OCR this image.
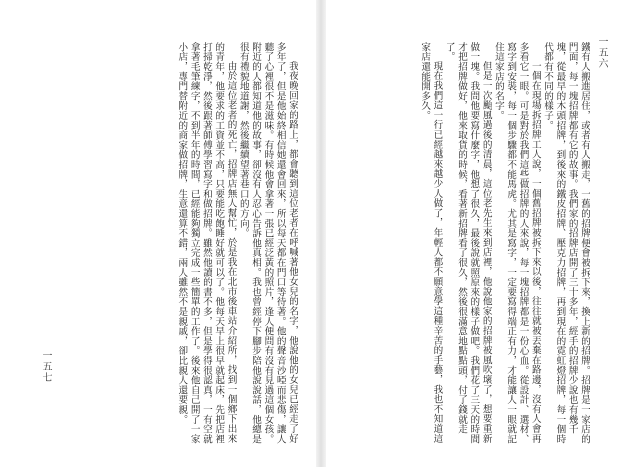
我夜晚回家的路上，都會聽到這位老者在呼喊著他女兒的名字，他說他的女兒已經走了好多年了，但是他始終相信她還會回來，所以每天都在門口等待著。他的聲音沙啞而悲傷，讓人聽了心裡很不是滋味。有時候他會拿著一張已經泛黃的照片，逢人便問有沒有見過這個女孩。附近的人都知道他的故事，卻沒有人忍心告訴他真相。我也曾經停下腳步陪他說說話，他總是很有禮貌地道謝，然後繼續望著巷口的方向。

由於這位老者的死亡，招牌店無人幫忙，於是我在北市後車站介紹所，找到一個鄉下出來的青年，他要求的工資並不高，只要能吃飽睡好就可以了。他每天早上很早就起床，先把店裡打掃乾淨，然後跟著師傅學習寫字和做招牌。雖然他讀的書不多，但是學得很認真，一有空就拿著毛筆練字，不到半年的時間，已經能夠獨立完成一些簡單的工作了。後來他自己開了一家小店，專門替附近的商家做招牌，生意還算不錯，兩人雖然不是親戚，卻比親人還要親。

一五七	鐵有人搬進居住，或者有人搬走，一舊的招牌便會被拆下來，換上新的招牌。招牌是一家店的門面，每一塊招牌都有它的故事。我們家的招牌店開了三十多年，經手的招牌少說也有幾千塊，從最早的木頭招牌，到後來的鐵皮招牌、壓克力招牌，再到現在的霓虹燈招牌，每一個時代都有不同的樣子。

一個在現場拆招牌工人說，一個舊招牌被拆下來以後，往往就被丟棄在路邊，沒有人會再多看它一眼。可是對於我們這些做招牌的人來說，每一塊招牌都是一份心血。從設計、選材、寫字到安裝，每一個步驟都不能馬虎。尤其是寫字，一定要寫得端正有力，才能讓人一眼就記住這家店的名字。

但是一次颱風過後的清晨，這位老先生來到店裡，他說他家的招牌被風吹壞了，想要重新做一塊。我問他要寫什麼字，他想了很久，最後說就照原來的樣子做吧。我們花了三天的時間才把招牌做好，他來取貨的時候，看著新招牌看了很久，然後很滿意地點點頭，付了錢就走了。

現在我們這一行已經越來越少人做了，年輕人都不願意學這種辛苦的手藝，我也不知道這家店還能開多久。	一五六
